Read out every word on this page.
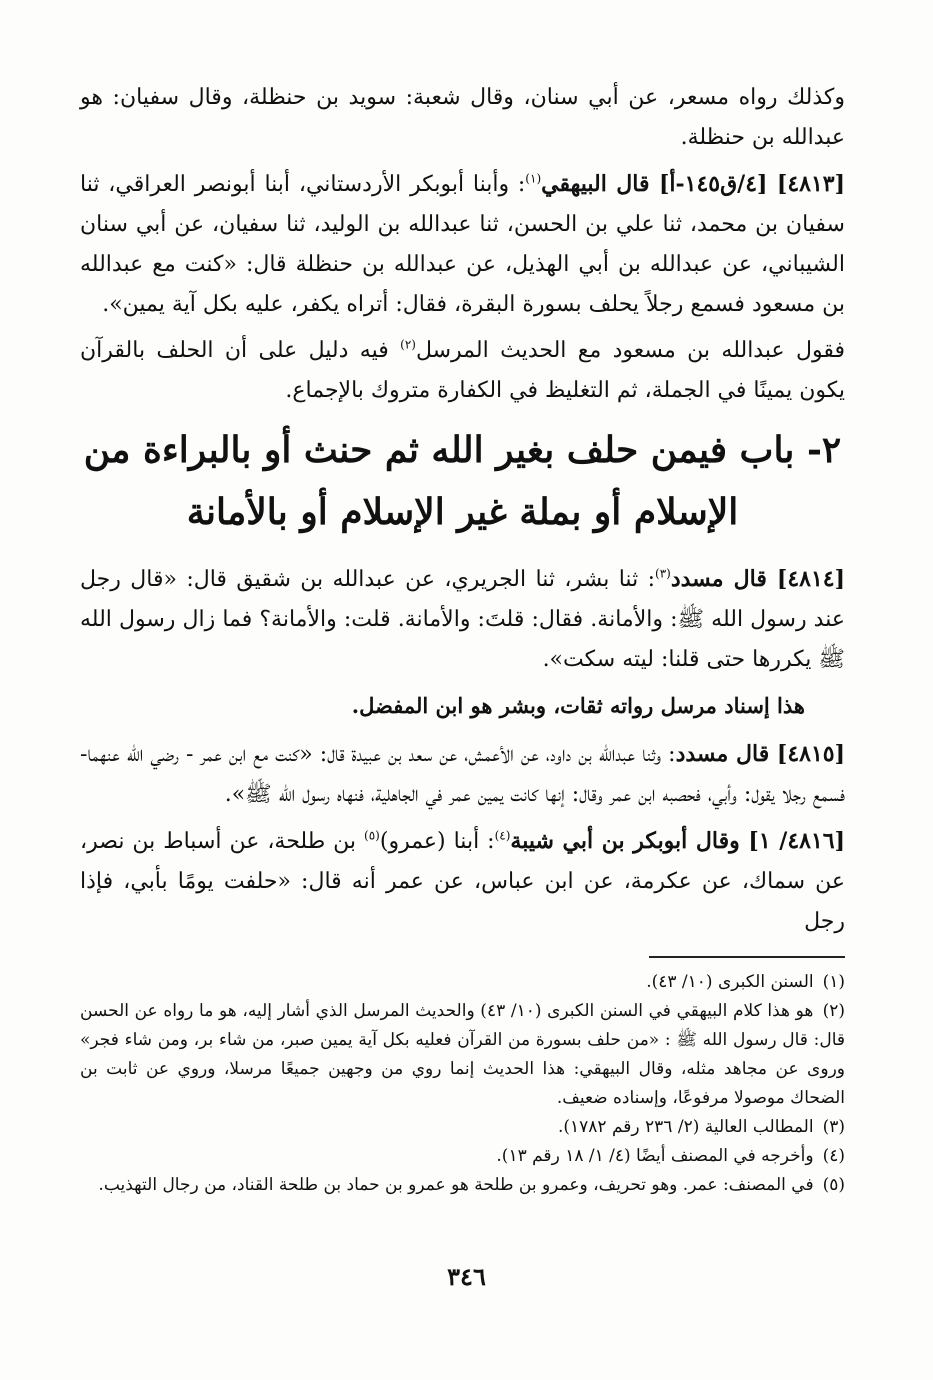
وكذلك رواه مسعر، عن أبي سنان، وقال شعبة: سويد بن حنظلة، وقال سفيان: هو عبدالله بن حنظلة.

[٤٨١٣] [٤/ق١٤٥-أ] قال البيهقي$^{(١)}$: وأبنا أبوبكر الأردستاني، أبنا أبونصر العراقي، ثنا سفيان بن محمد، ثنا علي بن الحسن، ثنا عبدالله بن الوليد، ثنا سفيان، عن أبي سنان الشيباني، عن عبدالله بن أبي الهذيل، عن عبدالله بن حنظلة قال: «كنت مع عبدالله بن مسعود فسمع رجلاً يحلف بسورة البقرة، فقال: أتراه يكفر، عليه بكل آية يمين».

فقول عبدالله بن مسعود مع الحديث المرسل$^{(٢)}$ فيه دليل على أن الحلف بالقرآن يكون يمينًا في الجملة، ثم التغليظ في الكفارة متروك بالإجماع.

٢- باب فيمن حلف بغير الله ثم حنث أو بالبراءة من الإسلام أو بملة غير الإسلام أو بالأمانة

[٤٨١٤] قال مسدد$^{(٣)}$: ثنا بشر، ثنا الجريري، عن عبدالله بن شقيق قال: «قال رجل عند رسول الله ﷺ: والأمانة. فقال: قلتَ: والأمانة. قلت: والأمانة؟ فما زال رسول الله ﷺ يكررها حتى قلنا: ليته سكت».

هذا إسناد مرسل رواته ثقات، وبشر هو ابن المفضل.

[٤٨١٥] قال مسدد: وثنا عبدالله بن داود، عن الأعمش، عن سعد بن عبيدة قال: «كنت مع ابن عمر - رضي الله عنهما- فسمع رجلا يقول: وأبي، فحصبه ابن عمر وقال: إنها كانت يمين عمر في الجاهلية، فنهاه رسول الله ﷺ».

[٤٨١٦/ ١] وقال أبوبكر بن أبي شيبة$^{(٤)}$: أبنا (عمرو)$^{(٥)}$ بن طلحة، عن أسباط بن نصر، عن سماك، عن عكرمة، عن ابن عباس، عن عمر أنه قال: «حلفت يومًا بأبي، فإذا رجل

(١) السنن الكبرى (١٠/ ٤٣).

(٢) هو هذا كلام البيهقي في السنن الكبرى (١٠/ ٤٣) والحديث المرسل الذي أشار إليه، هو ما رواه عن الحسن قال: قال رسول الله ﷺ : «من حلف بسورة من القرآن فعليه بكل آية يمين صبر، من شاء بر، ومن شاء فجر» وروى عن مجاهد مثله، وقال البيهقي: هذا الحديث إنما روي من وجهين جميعًا مرسلا، وروي عن ثابت بن الضحاك موصولا مرفوعًا، وإسناده ضعيف.

(٣) المطالب العالية (٢/ ٢٣٦ رقم ١٧٨٢).

(٤) وأخرجه في المصنف أيضًا (٤/ ١/ ١٨ رقم ١٣).

(٥) في المصنف: عمر. وهو تحريف، وعمرو بن طلحة هو عمرو بن حماد بن طلحة القناد، من رجال التهذيب.

٣٤٦
